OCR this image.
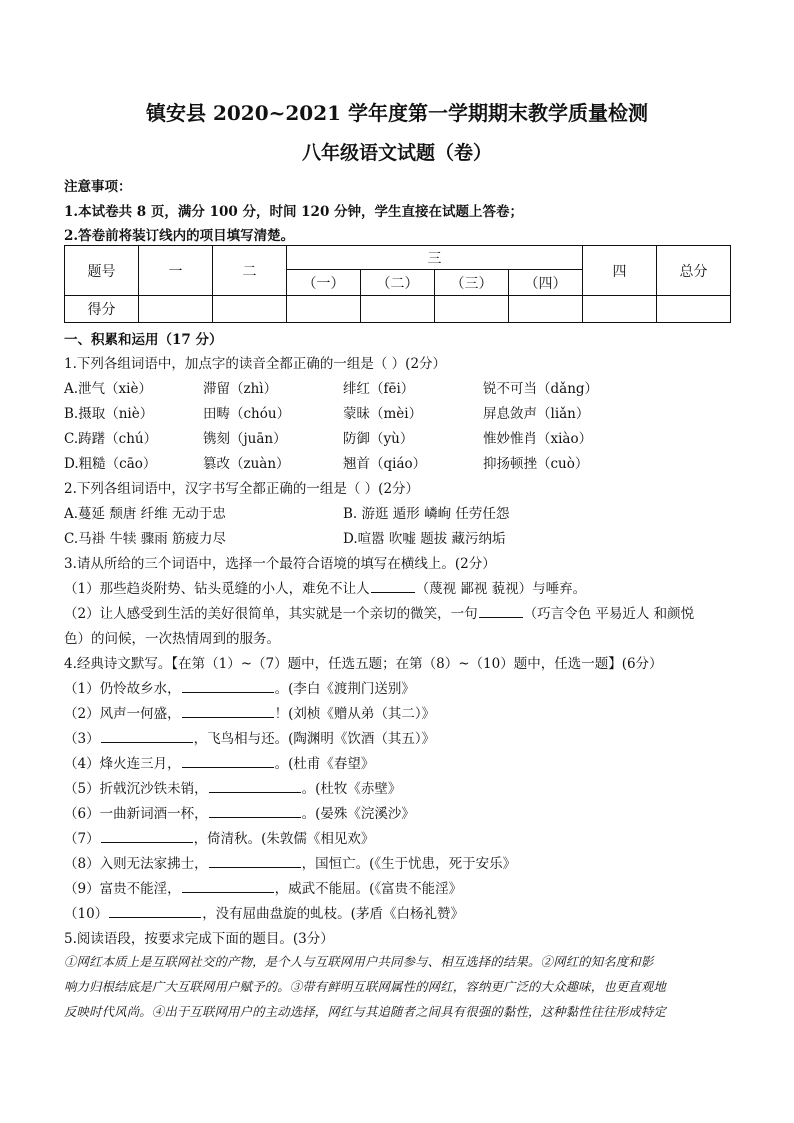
镇安县 2020~2021 学年度第一学期期末教学质量检测
八年级语文试题（卷）
注意事项：
1.本试卷共 8 页，满分 100 分，时间 120 分钟，学生直接在试题上答卷；
2.答卷前将装订线内的项目填写清楚。
题号	一	二	三				四	总分
			（一）	（二）	（三）	（四）		
得分								
一、积累和运用（17 分）
1.下列各组词语中，加点字的读音全都正确的一组是（ ）(2分）
A.泄气（xiè）	滞留（zhì）	绯红（fēi）	锐不可当（dǎng）
B.摄取（niè）	田畴（chóu）	蒙昧（mèi）	屏息敛声（liǎn）
C.踌躇（chú）	镌刻（juān）	防御（yù）	惟妙惟肖（xiào）
D.粗糙（cāo）	篡改（zuàn）	翘首（qiáo）	抑扬顿挫（cuò）
2.下列各组词语中，汉字书写全都正确的一组是（ ）(2分）
A.蔓延 颓唐 纤维 无动于忠	B. 游逛 遁形 嶙峋 任劳任怨
C.马褂 牛犊 骤雨 筋疲力尽	D.喧嚣 吹嘘 题拔 藏污纳垢
3.请从所给的三个词语中，选择一个最符合语境的填写在横线上。(2分）
（1）那些趋炎附势、钻头觅缝的小人，难免不让人	（蔑视 鄙视 藐视）与唾弃。
（2）让人感受到生活的美好很简单，其实就是一个亲切的微笑，一句	（巧言令色 平易近人 和颜悦
色）的问候，一次热情周到的服务。
4.经典诗文默写。【在第（1）~（7）题中，任选五题；在第（8）~（10）题中，任选一题】(6分）
（1）仍怜故乡水，	。(李白《渡荆门送别》
（2）风声一何盛，	！(刘桢《赠从弟（其二）》
（3）	，飞鸟相与还。(陶渊明《饮酒（其五）》
（4）烽火连三月，	。(杜甫《春望》
（5）折戟沉沙铁未销，	。(杜牧《赤壁》
（6）一曲新词酒一杯，	。(晏殊《浣溪沙》
（7）	，倚清秋。(朱敦儒《相见欢》
（8）入则无法家拂士，	，国恒亡。(《生于忧患，死于安乐》
（9）富贵不能淫，	，威武不能屈。(《富贵不能淫》
（10）	，没有屈曲盘旋的虬枝。(茅盾《白杨礼赞》
5.阅读语段，按要求完成下面的题目。(3分）
①网红本质上是互联网社交的产物，是个人与互联网用户共同参与、相互选择的结果。②网红的知名度和影
响力归根结底是广大互联网用户赋予的。③带有鲜明互联网属性的网红，容纳更广泛的大众趣味，也更直观地
反映时代风尚。④出于互联网用户的主动选择，网红与其追随者之间具有很强的黏性，这种黏性往往形成特定
